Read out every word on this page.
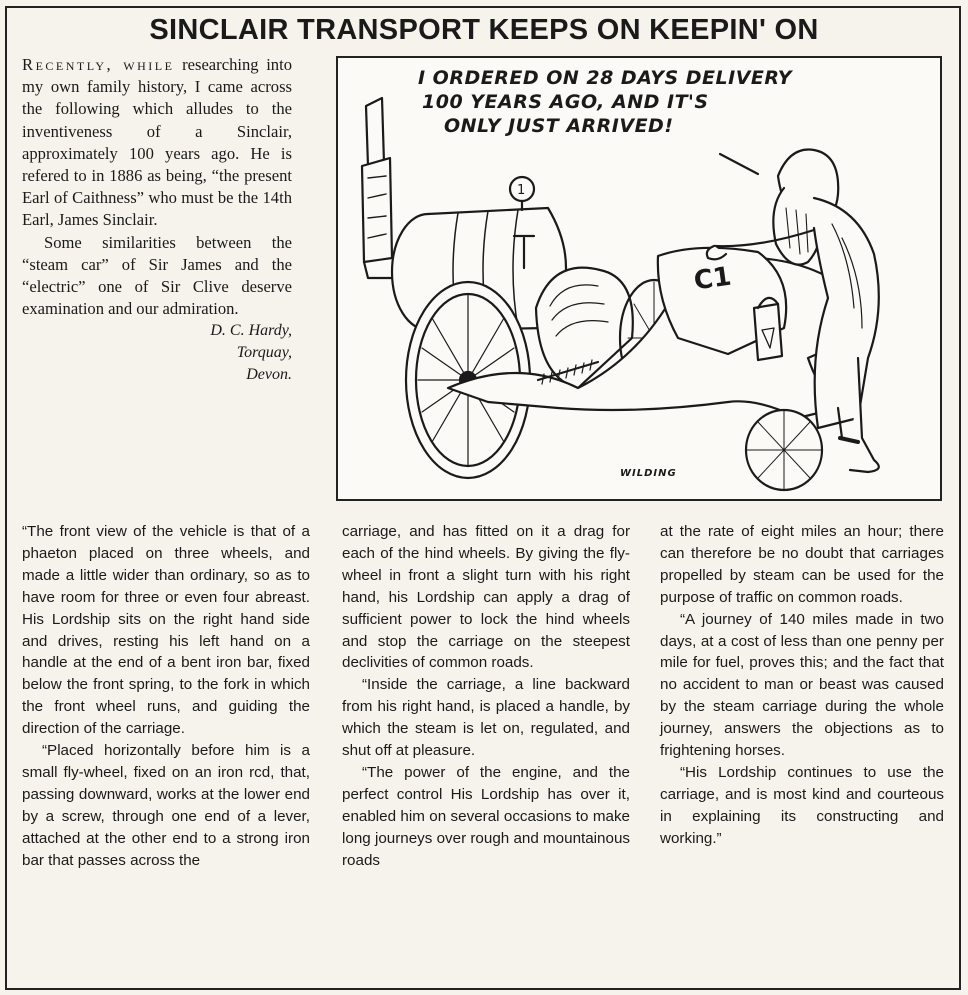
SINCLAIR TRANSPORT KEEPS ON KEEPIN' ON

Recently, while researching into my own family history, I came across the following which alludes to the inventiveness of a Sinclair, approximately 100 years ago. He is refered to in 1886 as being, “the present Earl of Caithness” who must be the 14th Earl, James Sinclair.

Some similarities between the “steam car” of Sir James and the “electric” one of Sir Clive deserve examination and our admiration.

D. C. Hardy,
Torquay,
Devon.
1
I ORDERED ON 28 DAYS DELIVERY
100 YEARS AGO, AND IT'S
ONLY JUST ARRIVED!
C1
WILDING

“The front view of the vehicle is that of a phaeton placed on three wheels, and made a little wider than ordinary, so as to have room for three or even four abreast. His Lordship sits on the right hand side and drives, resting his left hand on a handle at the end of a bent iron bar, fixed below the front spring, to the fork in which the front wheel runs, and guiding the direction of the carriage.

“Placed horizontally before him is a small fly-wheel, fixed on an iron rcd, that, passing downward, works at the lower end by a screw, through one end of a lever, attached at the other end to a strong iron bar that passes across the

carriage, and has fitted on it a drag for each of the hind wheels. By giving the fly-wheel in front a slight turn with his right hand, his Lordship can apply a drag of sufficient power to lock the hind wheels and stop the carriage on the steepest declivities of common roads.

“Inside the carriage, a line backward from his right hand, is placed a handle, by which the steam is let on, regulated, and shut off at pleasure.

“The power of the engine, and the perfect control His Lordship has over it, enabled him on several occasions to make long journeys over rough and mountainous roads

at the rate of eight miles an hour; there can therefore be no doubt that carriages propelled by steam can be used for the purpose of traffic on common roads.

“A journey of 140 miles made in two days, at a cost of less than one penny per mile for fuel, proves this; and the fact that no accident to man or beast was caused by the steam carriage during the whole journey, answers the objections as to frightening horses.

“His Lordship continues to use the carriage, and is most kind and courteous in explaining its constructing and working.”
